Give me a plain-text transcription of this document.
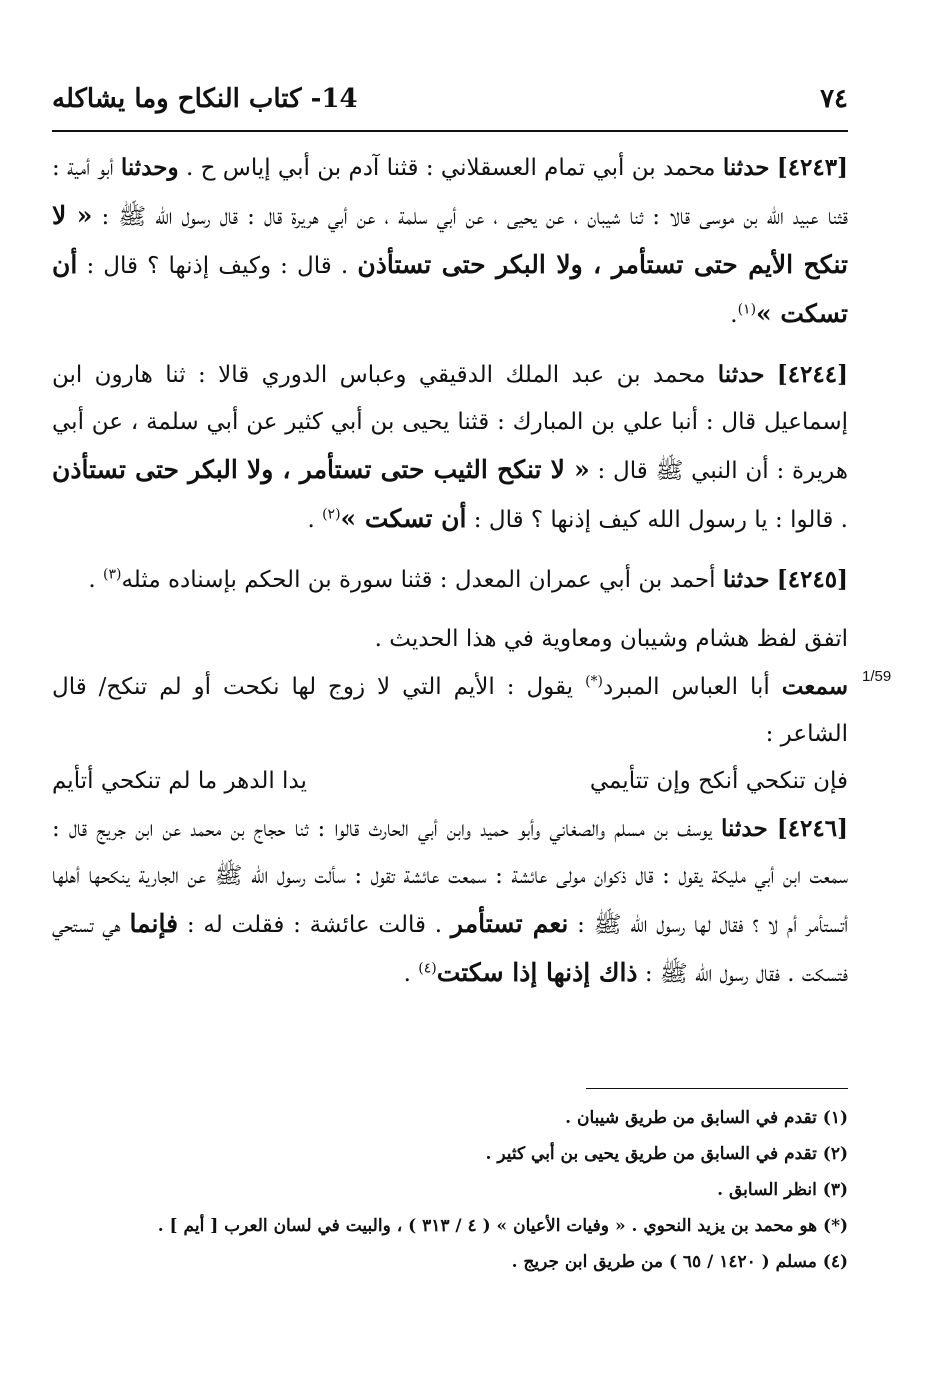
٧٤
14- كتاب النكاح وما يشاكله
1/59

[٤٢٤٣] حدثنا محمد بن أبي تمام العسقلاني : قثنا آدم بن أبي إياس ح . وحدثنا أبو أمية : قثنا عبيد الله بن موسى قالا : ثنا شيبان ، عن يحيى ، عن أبي سلمة ، عن أبي هريرة قال : قال رسول الله ﷺ : « لا تنكح الأيم حتى تستأمر ، ولا البكر حتى تستأذن . قال : وكيف إذنها ؟ قال : أن تسكت »$^{(١)}$.

[٤٢٤٤] حدثنا محمد بن عبد الملك الدقيقي وعباس الدوري قالا : ثنا هارون ابن إسماعيل قال : أنبا علي بن المبارك : قثنا يحيى بن أبي كثير عن أبي سلمة ، عن أبي هريرة : أن النبي ﷺ قال : « لا تنكح الثيب حتى تستأمر ، ولا البكر حتى تستأذن . قالوا : يا رسول الله كيف إذنها ؟ قال : أن تسكت »$^{(٢)}$ .

[٤٢٤٥] حدثنا أحمد بن أبي عمران المعدل : قثنا سورة بن الحكم بإسناده مثله$^{(٣)}$ .

اتفق لفظ هشام وشيبان ومعاوية في هذا الحديث .

سمعت أبا العباس المبرد(*) يقول : الأيم التي لا زوج لها نكحت أو لم تنكح/ قال الشاعر :

فإن تنكحي أنكح وإن تتأيمي
يدا الدهر ما لم تنكحي أتأيم

[٤٢٤٦] حدثنا يوسف بن مسلم والصغاني وأبو حميد وابن أبي الحارث قالوا : ثنا حجاج بن محمد عن ابن جريج قال : سمعت ابن أبي مليكة يقول : قال ذكوان مولى عائشة : سمعت عائشة تقول : سألت رسول الله ﷺ عن الجارية ينكحها أهلها أتستأمر أم لا ؟ فقال لها رسول الله ﷺ : نعم تستأمر . قالت عائشة : فقلت له : فإنما هي تستحي فتسكت . فقال رسول الله ﷺ : ذاك إذنها إذا سكتت$^{(٤)}$ .

(١) تقدم في السابق من طريق شيبان .
(٢) تقدم في السابق من طريق يحيى بن أبي كثير .
(٣) انظر السابق .
(*) هو محمد بن يزيد النحوي . « وفيات الأعيان » ( ٤ / ٣١٣ ) ، والبيت في لسان العرب [ أيم ] .
(٤) مسلم ( ١٤٢٠ / ٦٥ ) من طريق ابن جريج .
